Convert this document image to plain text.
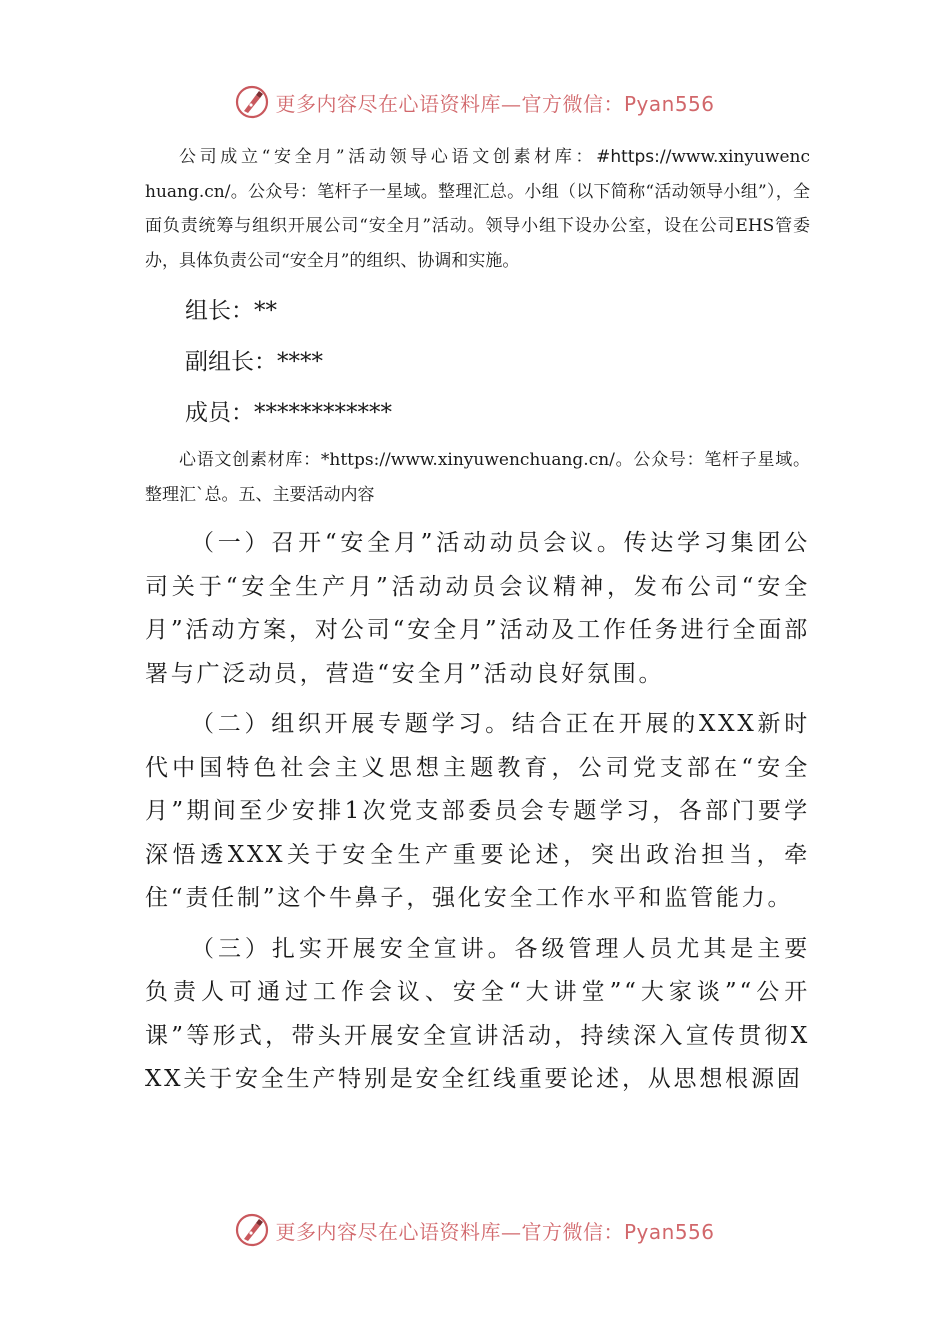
更多内容尽在心语资料库—官方微信：Pyan556

公司成立“安全月”活动领导心语文创素材库：#https://www.xinyuwenchuang.cn/。公众号：笔杆子一星域。整理汇总。小组（以下简称“活动领导小组”），全面负责统筹与组织开展公司“安全月”活动。领导小组下设办公室，设在公司EHS管委办，具体负责公司“安全月”的组织、协调和实施。

组长：**

副组长：****

成员：************

心语文创素材库：*https://www.xinyuwenchuang.cn/。公众号：笔杆子星域。整理汇`总。五、主要活动内容

（一）召开“安全月”活动动员会议。传达学习集团公司关于“安全生产月”活动动员会议精神，发布公司“安全月”活动方案，对公司“安全月”活动及工作任务进行全面部署与广泛动员，营造“安全月”活动良好氛围。

（二）组织开展专题学习。结合正在开展的XXX新时代中国特色社会主义思想主题教育，公司党支部在“安全月”期间至少安排1次党支部委员会专题学习，各部门要学深悟透XXX关于安全生产重要论述，突出政治担当，牵住“责任制”这个牛鼻子，强化安全工作水平和监管能力。

（三）扎实开展安全宣讲。各级管理人员尤其是主要负责人可通过工作会议、安全“大讲堂”“大家谈”“公开课”等形式，带头开展安全宣讲活动，持续深入宣传贯彻XXX关于安全生产特别是安全红线重要论述，从思想根源固

更多内容尽在心语资料库—官方微信：Pyan556
